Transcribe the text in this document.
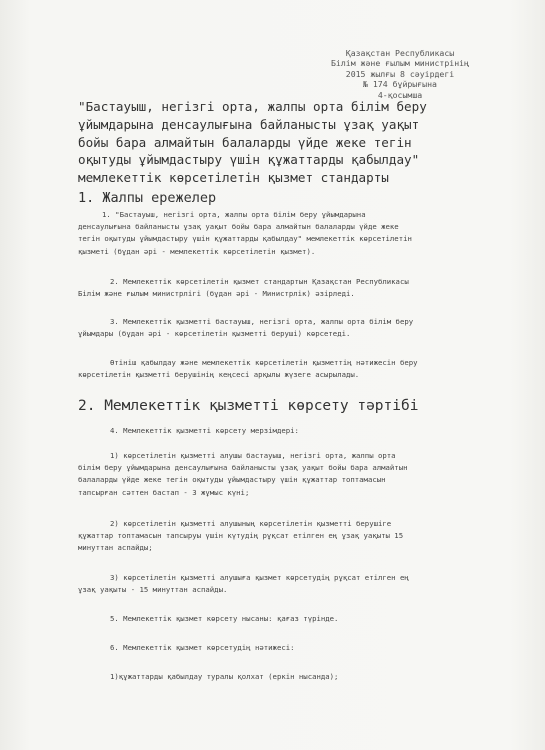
Қазақстан Республикасы
Білім және ғылым министрінің
2015 жылғы 8 сәуірдегі
№ 174 бұйрығына
4-қосымша
"Бастауыш, негізгі орта, жалпы орта білім беру
ұйымдарына денсаулығына байланысты ұзақ уақыт
бойы бара алмайтын балаларды үйде жеке тегін
оқытуды ұйымдастыру үшін құжаттарды қабылдау"
мемлекеттік көрсетілетін қызмет стандарты
1. Жалпы ережелер
1. "Бастауыш, негізгі орта, жалпы орта білім беру ұйымдарына
денсаулығына байланысты ұзақ уақыт бойы бара алмайтын балаларды үйде жеке
тегін оқытуды ұйымдастыру үшін құжаттарды қабылдау" мемлекеттік көрсетілетін
қызметі (бұдан әрі - мемлекеттік көрсетілетін қызмет).
2. Мемлекеттік көрсетілетін қызмет стандартын Қазақстан Республикасы
Білім және ғылым министрлігі (бұдан әрі - Министрлік) әзірледі.
3. Мемлекеттік қызметті бастауыш, негізгі орта, жалпы орта білім беру
ұйымдары (бұдан әрі - көрсетілетін қызметті беруші) көрсетеді.
Өтініш қабылдау және мемлекеттік көрсетілетін қызметтің нәтижесін беру
көрсетілетін қызметті берушінің кеңсесі арқылы жүзеге асырылады.
2. Мемлекеттік қызметті көрсету тәртібі
4. Мемлекеттік қызметті көрсету мерзімдері:
1) көрсетілетін қызметті алушы бастауыш, негізгі орта, жалпы орта
білім беру ұйымдарына денсаулығына байланысты ұзақ уақыт бойы бара алмайтын
балаларды үйде жеке тегін оқытуды ұйымдастыру үшін құжаттар топтамасын
тапсырған сәттен бастап - 3 жұмыс күні;
2) көрсетілетін қызметті алушының көрсетілетін қызметті берушіге
құжаттар топтамасын тапсыруы үшін күтудің рұқсат етілген ең ұзақ уақыты 15
минуттан аспайды;
3) көрсетілетін қызметті алушыға қызмет көрсетудің рұқсат етілген ең
ұзақ уақыты - 15 минуттан аспайды.
5. Мемлекеттік қызмет көрсету нысаны: қағаз түрінде.
6. Мемлекеттік қызмет көрсетудің нәтижесі:
1)құжаттарды қабылдау туралы қолхат (еркін нысанда);
